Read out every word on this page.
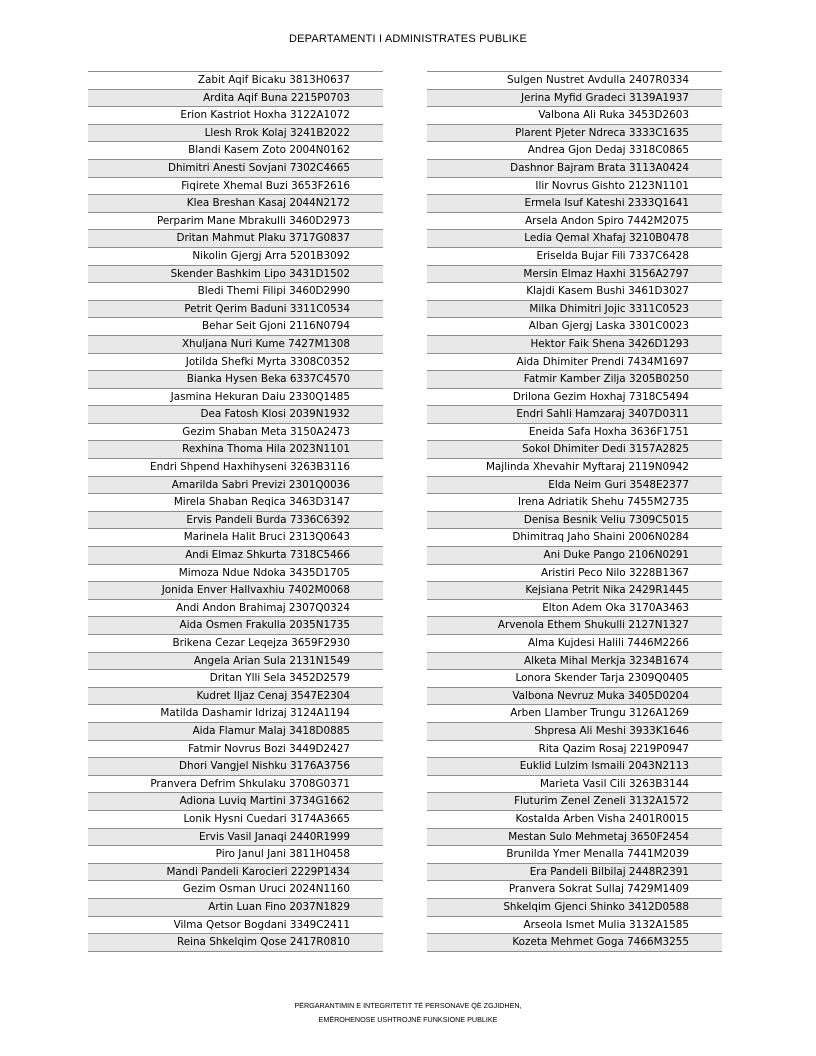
DEPARTAMENTI I ADMINISTRATES PUBLIKE
Zabit Aqif Bicaku 3813H0637
Ardita Aqif Buna 2215P0703
Erion Kastriot Hoxha 3122A1072
Llesh Rrok Kolaj 3241B2022
Blandi Kasem Zoto 2004N0162
Dhimitri Anesti Sovjani 7302C4665
Fiqirete Xhemal Buzi 3653F2616
Klea Breshan Kasaj 2044N2172
Perparim Mane Mbrakulli 3460D2973
Dritan Mahmut Plaku 3717G0837
Nikolin Gjergj Arra 5201B3092
Skender Bashkim Lipo 3431D1502
Bledi Themi Filipi 3460D2990
Petrit Qerim Baduni 3311C0534
Behar Seit Gjoni 2116N0794
Xhuljana Nuri Kume 7427M1308
Jotilda Shefki Myrta 3308C0352
Bianka Hysen Beka 6337C4570
Jasmina Hekuran Daiu 2330Q1485
Dea Fatosh Klosi 2039N1932
Gezim Shaban Meta 3150A2473
Rexhina Thoma Hila 2023N1101
Endri Shpend Haxhihyseni 3263B3116
Amarilda Sabri Previzi 2301Q0036
Mirela Shaban Reqica 3463D3147
Ervis Pandeli Burda 7336C6392
Marinela Halit Bruci 2313Q0643
Andi Elmaz Shkurta 7318C5466
Mimoza Ndue Ndoka 3435D1705
Jonida Enver Hallvaxhiu 7402M0068
Andi Andon Brahimaj 2307Q0324
Aida Osmen Frakulla 2035N1735
Brikena Cezar Leqejza 3659F2930
Angela Arian Sula 2131N1549
Dritan Ylli Sela 3452D2579
Kudret Iljaz Cenaj 3547E2304
Matilda Dashamir Idrizaj 3124A1194
Aida Flamur Malaj 3418D0885
Fatmir Novrus Bozi 3449D2427
Dhori Vangjel Nishku 3176A3756
Pranvera Defrim Shkulaku 3708G0371
Adiona Luviq Martini 3734G1662
Lonik Hysni Cuedari 3174A3665
Ervis Vasil Janaqi 2440R1999
Piro Janul Jani 3811H0458
Mandi Pandeli Karocieri 2229P1434
Gezim Osman Uruci 2024N1160
Artin Luan Fino 2037N1829
Vilma Qetsor Bogdani 3349C2411
Reina Shkelqim Qose 2417R0810
Sulgen Nustret Avdulla 2407R0334
Jerina Myfid Gradeci 3139A1937
Valbona Ali Ruka 3453D2603
Plarent Pjeter Ndreca 3333C1635
Andrea Gjon Dedaj 3318C0865
Dashnor Bajram Brata 3113A0424
Ilir Novrus Gishto 2123N1101
Ermela Isuf Kateshi 2333Q1641
Arsela Andon Spiro 7442M2075
Ledia Qemal Xhafaj 3210B0478
Eriselda Bujar Fili 7337C6428
Mersin Elmaz Haxhi 3156A2797
Klajdi Kasem Bushi 3461D3027
Milka Dhimitri Jojic 3311C0523
Alban Gjergj Laska 3301C0023
Hektor Faik Shena 3426D1293
Aida Dhimiter Prendi 7434M1697
Fatmir Kamber Zilja 3205B0250
Drilona Gezim Hoxhaj 7318C5494
Endri Sahli Hamzaraj 3407D0311
Eneida Safa Hoxha 3636F1751
Sokol Dhimiter Dedi 3157A2825
Majlinda Xhevahir Myftaraj 2119N0942
Elda Neim Guri 3548E2377
Irena Adriatik Shehu 7455M2735
Denisa Besnik Veliu 7309C5015
Dhimitraq Jaho Shaini 2006N0284
Ani Duke Pango 2106N0291
Aristiri Peco Nilo 3228B1367
Kejsiana Petrit Nika 2429R1445
Elton Adem Oka 3170A3463
Arvenola Ethem Shukulli 2127N1327
Alma Kujdesi Halili 7446M2266
Alketa Mihal Merkja 3234B1674
Lonora Skender Tarja 2309Q0405
Valbona Nevruz Muka 3405D0204
Arben Llamber Trungu 3126A1269
Shpresa Ali Meshi 3933K1646
Rita Qazim Rosaj 2219P0947
Euklid Lulzim Ismaili 2043N2113
Marieta Vasil Cili 3263B3144
Fluturim Zenel Zeneli 3132A1572
Kostalda Arben Visha 2401R0015
Mestan Sulo Mehmetaj 3650F2454
Brunilda Ymer Menalla 7441M2039
Era Pandeli Bilbilaj 2448R2391
Pranvera Sokrat Sullaj 7429M1409
Shkelqim Gjenci Shinko 3412D0588
Arseola Ismet Mulia 3132A1585
Kozeta Mehmet Goga 7466M3255
PËRGARANTIMIN E INTEGRITETIT TË PERSONAVE QË ZGJIDHEN,
EMËROHENOSE USHTROJNË FUNKSIONE PUBLIKE
